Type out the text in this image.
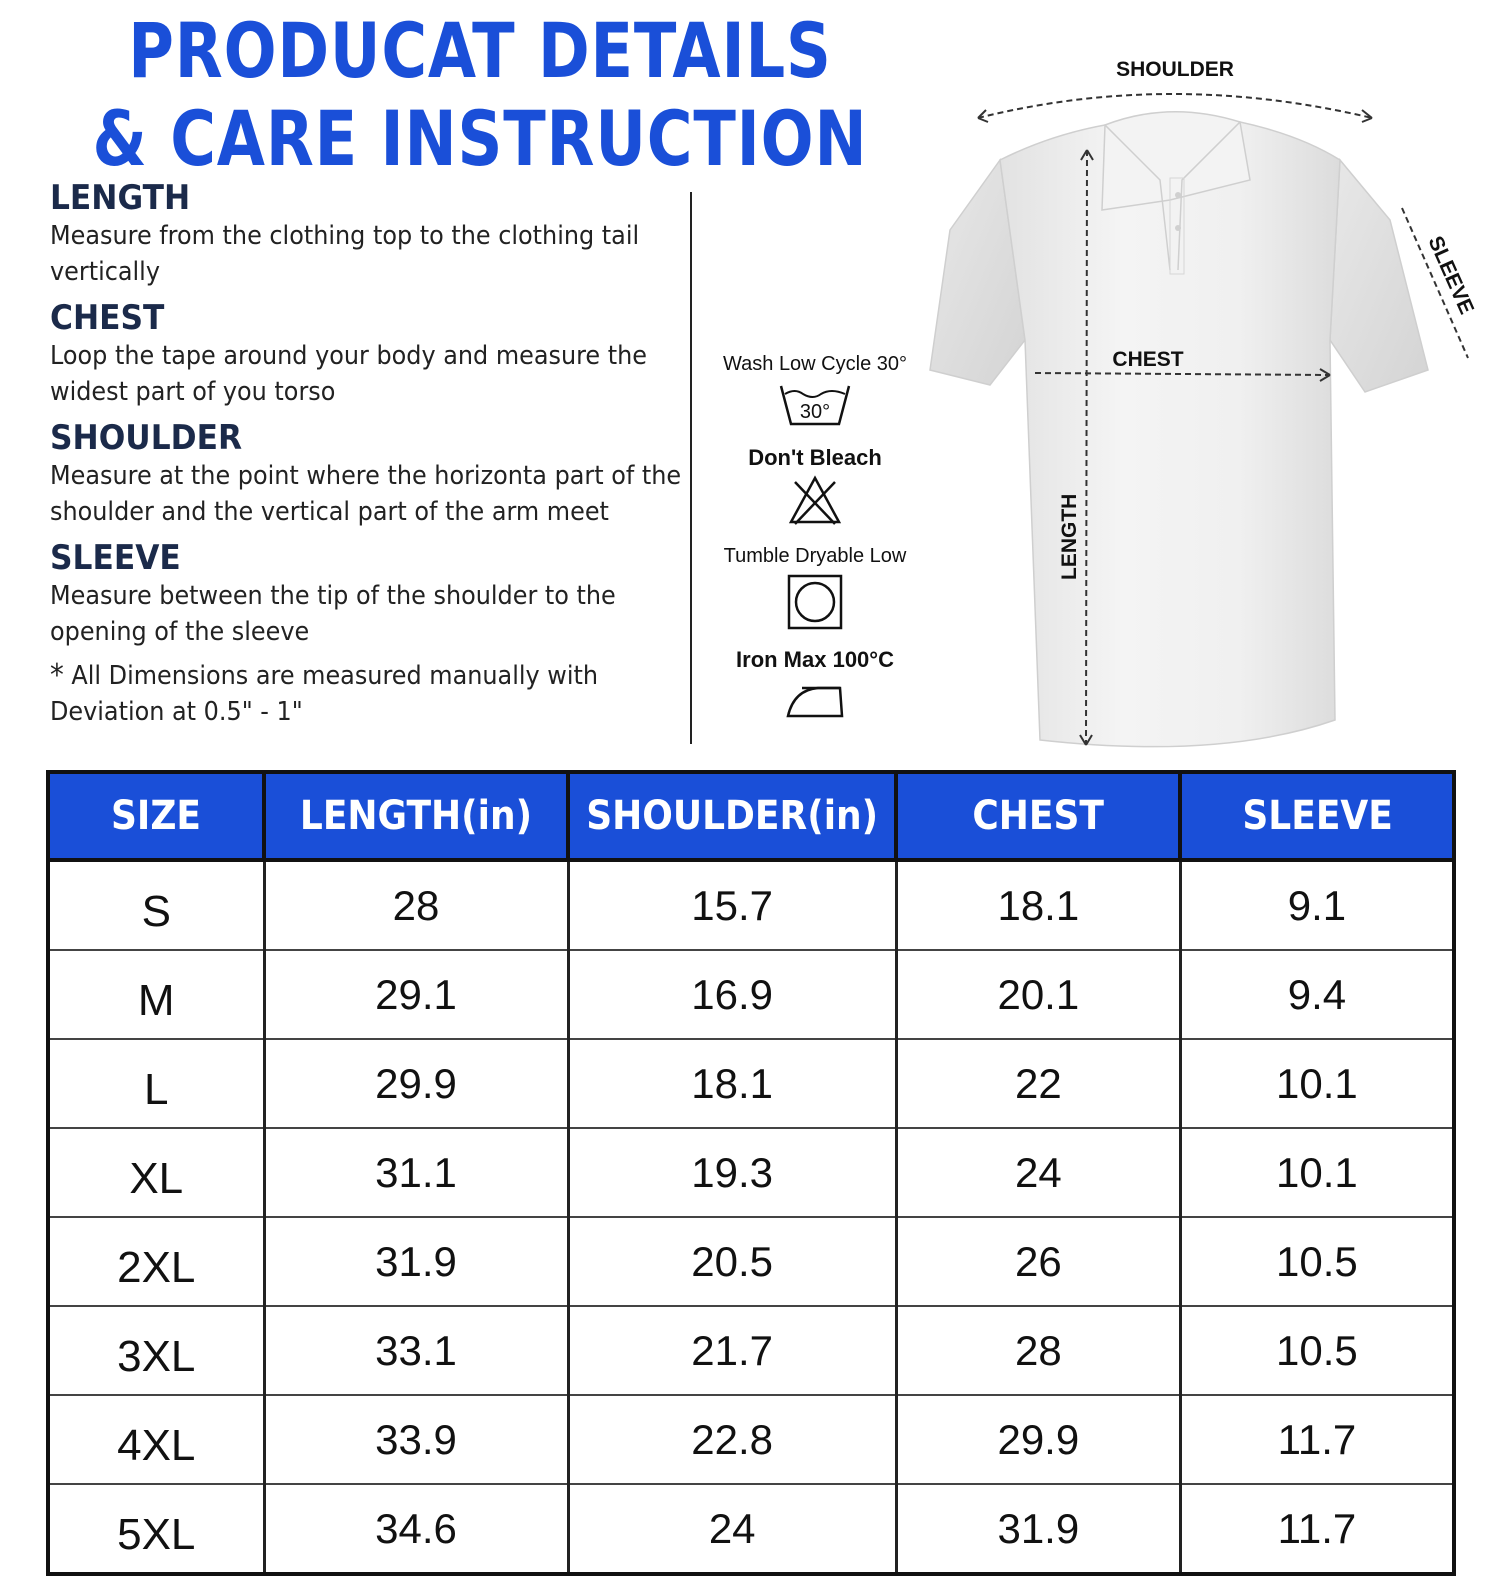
PRODUCAT DETAILS
& CARE INSTRUCTION
LENGTH
Measure from the clothing top to the clothing tail vertically
CHEST
Loop the tape around your body and measure the widest part of you torso
SHOULDER
Measure at the point where the horizonta part of the shoulder and the vertical part of the arm meet
SLEEVE
Measure between the tip of the shoulder to the opening of the sleeve
* All Dimensions are measured manually with Deviation at 0.5" - 1"
Wash Low Cycle 30°
30°
Don't Bleach
Tumble Dryable Low
Iron Max 100°C
SHOULDER
SLEEVE
CHEST
LENGTH
SIZE	LENGTH(in)	SHOULDER(in)	CHEST	SLEEVE
S	28	15.7	18.1	9.1
M	29.1	16.9	20.1	9.4
L	29.9	18.1	22	10.1
XL	31.1	19.3	24	10.1
2XL	31.9	20.5	26	10.5
3XL	33.1	21.7	28	10.5
4XL	33.9	22.8	29.9	11.7
5XL	34.6	24	31.9	11.7
